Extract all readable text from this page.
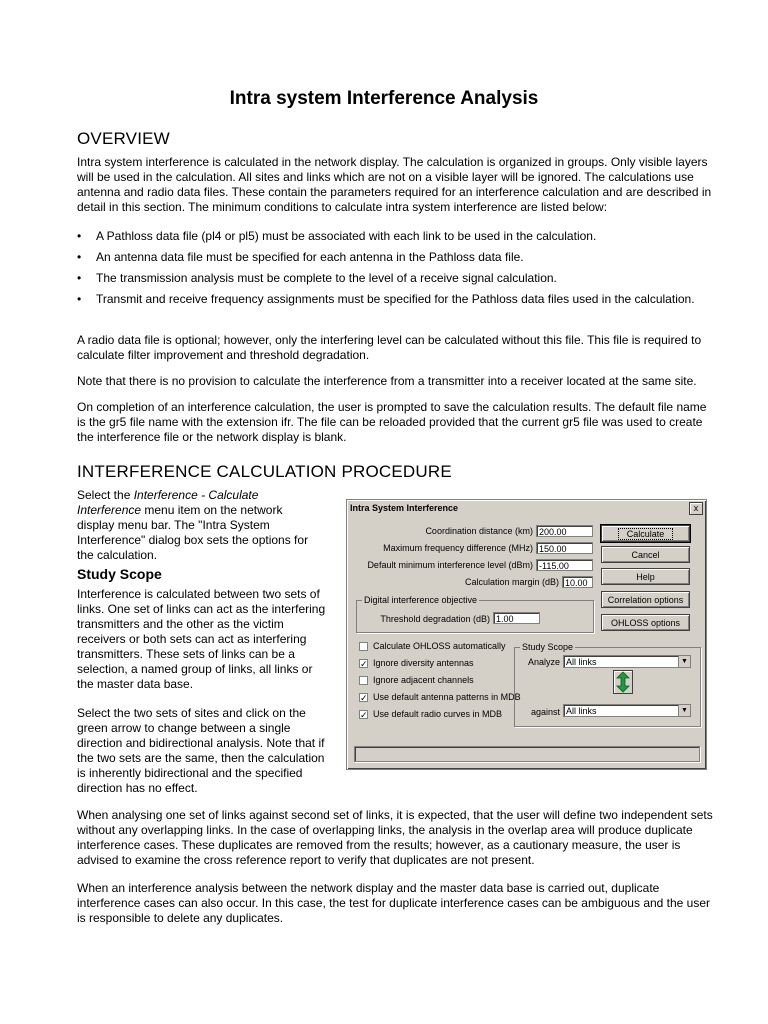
Intra system Interference Analysis
OVERVIEW

Intra system interference is calculated in the network display. The calculation is organized in groups. Only visible layers will be used in the calculation. All sites and links which are not on a visible layer will be ignored. The calculations use antenna and radio data files. These contain the parameters required for an interference calculation and are described in detail in this section. The minimum conditions to calculate intra system interference are listed below:

• A Pathloss data file (pl4 or pl5) must be associated with each link to be used in the calculation.
• An antenna data file must be specified for each antenna in the Pathloss data file.
• The transmission analysis must be complete to the level of a receive signal calculation.
• Transmit and receive frequency assignments must be specified for the Pathloss data files used in the calculation.

A radio data file is optional; however, only the interfering level can be calculated without this file. This file is required to calculate filter improvement and threshold degradation.

Note that there is no provision to calculate the interference from a transmitter into a receiver located at the same site.

On completion of an interference calculation, the user is prompted to save the calculation results. The default file name is the gr5 file name with the extension ifr. The file can be reloaded provided that the current gr5 file was used to create the interference file or the network display is blank.

INTERFERENCE CALCULATION PROCEDURE

Select the Interference - Calculate Interference menu item on the network display menu bar. The "Intra System Interference" dialog box sets the options for the calculation.

Study Scope

Interference is calculated between two sets of links. One set of links can act as the interfering transmitters and the other as the victim receivers or both sets can act as interfering transmitters. These sets of links can be a selection, a named group of links, all links or the master data base.

Select the two sets of sites and click on the green arrow to change between a single direction and bidirectional analysis. Note that if the two sets are the same, then the calculation is inherently bidirectional and the specified direction has no effect.

When analysing one set of links against second set of links, it is expected, that the user will define two independent sets without any overlapping links. In the case of overlapping links, the analysis in the overlap area will produce duplicate interference cases. These duplicates are removed from the results; however, as a cautionary measure, the user is advised to examine the cross reference report to verify that duplicates are not present.

When an interference analysis between the network display and the master data base is carried out, duplicate interference cases can also occur. In this case, the test for duplicate interference cases can be ambiguous and the user is responsible to delete any duplicates.

Intra System Interference	x
Coordination distance (km) 200.00
Maximum frequency difference (MHz) 150.00
Default minimum interference level (dBm) -115.00
Calculation margin (dB) 10.00
Calculate
Cancel
Help
Correlation options
OHLOSS options
Digital interference objective
Threshold degradation (dB) 1.00
Calculate OHLOSS automatically
✓ Ignore diversity antennas
Ignore adjacent channels
✓ Use default antenna patterns in MDB
✓ Use default radio curves in MDB
Study Scope
Analyze All links	▼
against All links	▼
